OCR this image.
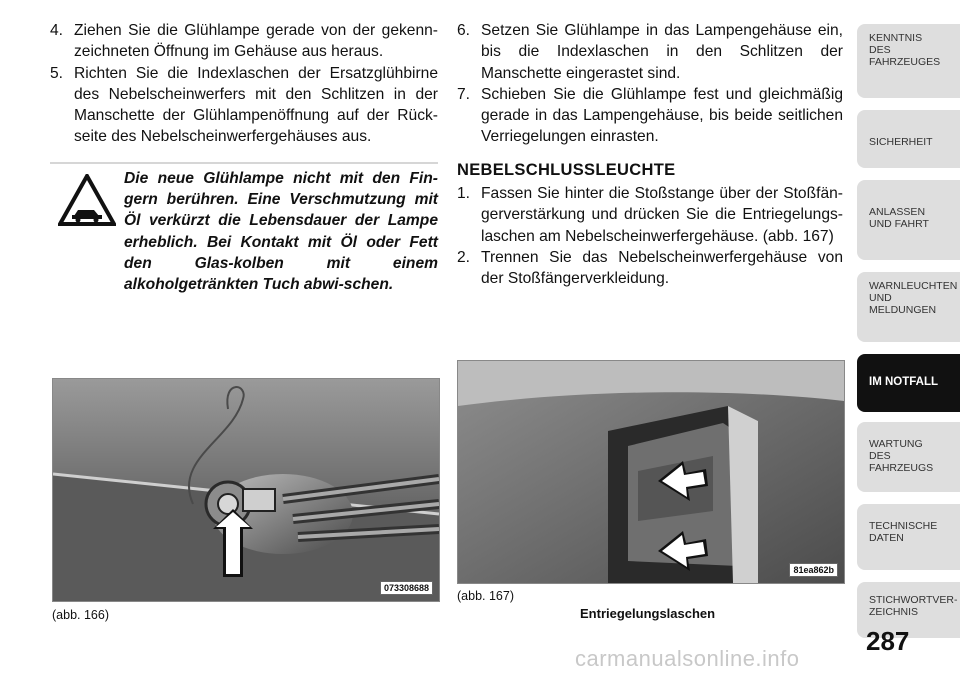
4. Ziehen Sie die Glühlampe gerade von der gekenn-zeichneten Öffnung im Gehäuse aus heraus.
5. Richten Sie die Indexlaschen der Ersatzglühbirne des Nebelscheinwerfers mit den Schlitzen in der Manschette der Glühlampenöffnung auf der Rück-seite des Nebelscheinwerfergehäuses aus.
Die neue Glühlampe nicht mit den Fin-gern berühren. Eine Verschmutzung mit Öl verkürzt die Lebensdauer der Lampe erheblich. Bei Kontakt mit Öl oder Fett den Glas-kolben mit einem alkoholgetränkten Tuch abwi-schen.
6. Setzen Sie Glühlampe in das Lampengehäuse ein, bis die Indexlaschen in den Schlitzen der Manschette eingerastet sind.
7. Schieben Sie die Glühlampe fest und gleichmäßig gerade in das Lampengehäuse, bis beide seitlichen Verriegelungen einrasten.
NEBELSCHLUSSLEUCHTE
1. Fassen Sie hinter die Stoßstange über der Stoßfän-gerverstärkung und drücken Sie die Entriegelungs-laschen am Nebelscheinwerfergehäuse. (abb. 167)
2. Trennen Sie das Nebelscheinwerfergehäuse von der Stoßfängerverkleidung.
073308688
(abb. 166)
81ea862b
(abb. 167)
Entriegelungslaschen
KENNTNIS
DES
FAHRZEUGES
SICHERHEIT
ANLASSEN
UND FAHRT
WARNLEUCHTEN
UND
MELDUNGEN
IM NOTFALL
WARTUNG
DES
FAHRZEUGS
TECHNISCHE
DATEN
STICHWORTVER-
ZEICHNIS
287
carmanualsonline.info
